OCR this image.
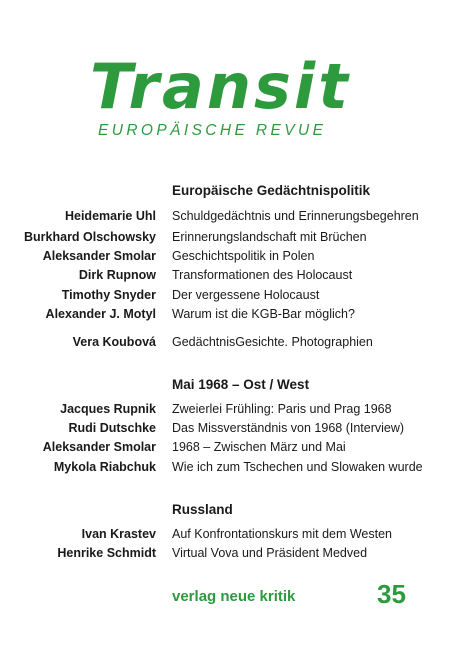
Transit
EUROPÄISCHE REVUE
Europäische Gedächtnispolitik
Heidemarie Uhl Schuldgedächtnis und Erinnerungsbegehren
Burkhard Olschowsky Erinnerungslandschaft mit Brüchen
Aleksander Smolar Geschichtspolitik in Polen
Dirk Rupnow Transformationen des Holocaust
Timothy Snyder Der vergessene Holocaust
Alexander J. Motyl Warum ist die KGB-Bar möglich?
Vera Koubová GedächtnisGesichte. Photographien
Mai 1968 – Ost / West
Jacques Rupnik Zweierlei Frühling: Paris und Prag 1968
Rudi Dutschke Das Missverständnis von 1968 (Interview)
Aleksander Smolar 1968 – Zwischen März und Mai
Mykola Riabchuk Wie ich zum Tschechen und Slowaken wurde
Russland
Ivan Krastev Auf Konfrontationskurs mit dem Westen
Henrike Schmidt Virtual Vova und Präsident Medved
verlag neue kritik	35
